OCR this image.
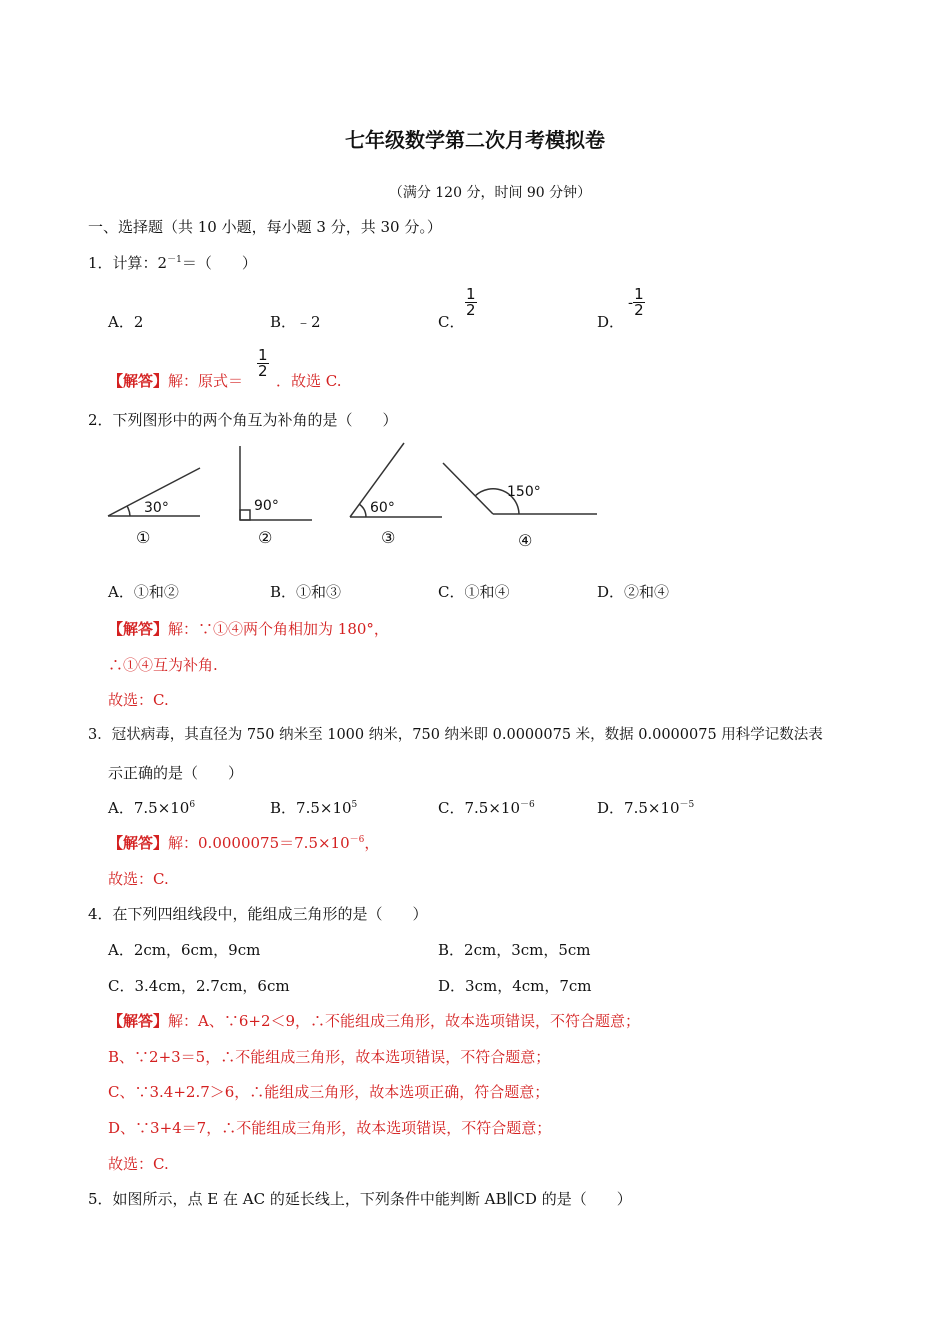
七年级数学第二次月考模拟卷
（满分 120 分，时间 90 分钟）
一、选择题（共 10 小题，每小题 3 分，共 30 分。）
1．计算：$2^{-1}=$（　　）
A．2	B．﹣2	C．
$\frac{1}{2}$
D．
- $\frac{1}{2}$
【解答】解：原式＝
$\frac{1}{2}$
．故选 C.
2．下列图形中的两个角互为补角的是（　　）
30°	90°	60°
150°
①	②	③	④
A．①和②	B．①和③	C．①和④	D．②和④
【解答】解：∵①④两个角相加为 180°，
∴①④互为补角.
故选：C.
3．冠状病毒，其直径为 750 纳米至 1000 纳米，750 纳米即 0.0000075 米，数据 0.0000075 用科学记数法表
示正确的是（　　）
A．$7.5\times 10^6$	B．$7.5\times 10^5$	C．$7.5\times 10^{-6}$	D．$7.5\times 10^{-5}$
【解答】解：$0.0000075=7.5\times 10^{-6}$，
故选：C.
4．在下列四组线段中，能组成三角形的是（　　）
A．2cm，6cm，9cm	B．2cm，3cm，5cm
C．3.4cm，2.7cm，6cm	D．3cm，4cm，7cm
【解答】解：A、∵6+2＜9，∴不能组成三角形，故本选项错误，不符合题意；
B、∵2+3＝5，∴不能组成三角形，故本选项错误，不符合题意；
C、∵3.4+2.7＞6，∴能组成三角形，故本选项正确，符合题意；
D、∵3+4＝7，∴不能组成三角形，故本选项错误，不符合题意；
故选：C.
5．如图所示，点 E 在 AC 的延长线上，下列条件中能判断 AB∥CD 的是（　　）
